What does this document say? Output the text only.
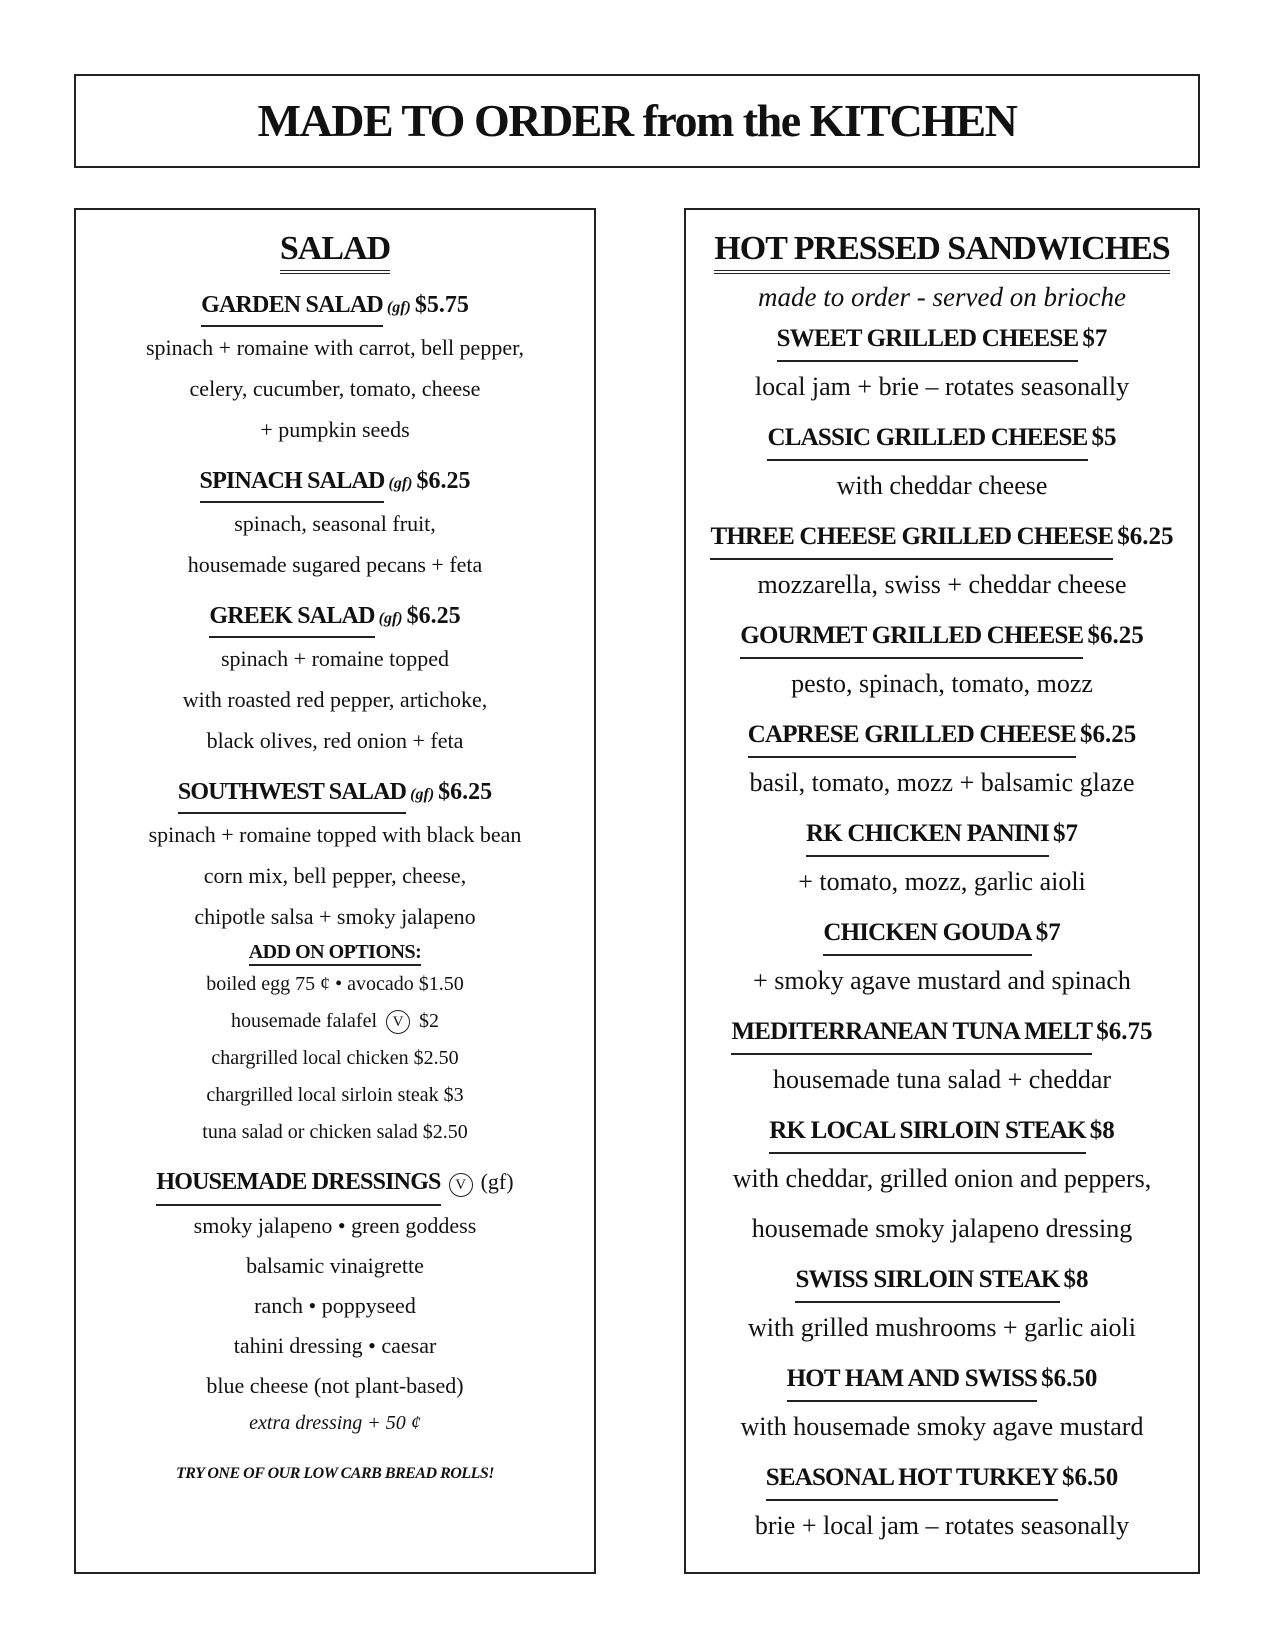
MADE TO ORDER from the KITCHEN
SALAD
GARDEN SALAD (gf) $5.75

spinach + romaine with carrot, bell pepper,

celery, cucumber, tomato, cheese

+ pumpkin seeds

SPINACH SALAD (gf) $6.25

spinach, seasonal fruit,

housemade sugared pecans + feta

GREEK SALAD (gf) $6.25

spinach + romaine topped

with roasted red pepper, artichoke,

black olives, red onion + feta

SOUTHWEST SALAD (gf) $6.25

spinach + romaine topped with black bean

corn mix, bell pepper, cheese,

chipotle salsa + smoky jalapeno

ADD ON OPTIONS:

boiled egg 75 ¢ • avocado $1.50

housemade falafel V $2

chargrilled local chicken $2.50

chargrilled local sirloin steak $3

tuna salad or chicken salad $2.50

HOUSEMADE DRESSINGS V (gf)

smoky jalapeno • green goddess

balsamic vinaigrette

ranch • poppyseed

tahini dressing • caesar

blue cheese (not plant-based)

extra dressing + 50 ¢

TRY ONE OF OUR LOW CARB BREAD ROLLS!
HOT PRESSED SANDWICHES
made to order - served on brioche
SWEET GRILLED CHEESE $7

local jam + brie – rotates seasonally

CLASSIC GRILLED CHEESE $5

with cheddar cheese

THREE CHEESE GRILLED CHEESE $6.25

mozzarella, swiss + cheddar cheese

GOURMET GRILLED CHEESE $6.25

pesto, spinach, tomato, mozz

CAPRESE GRILLED CHEESE $6.25

basil, tomato, mozz + balsamic glaze

RK CHICKEN PANINI $7

+ tomato, mozz, garlic aioli

CHICKEN GOUDA $7

+ smoky agave mustard and spinach

MEDITERRANEAN TUNA MELT $6.75

housemade tuna salad + cheddar

RK LOCAL SIRLOIN STEAK $8

with cheddar, grilled onion and peppers,

housemade smoky jalapeno dressing

SWISS SIRLOIN STEAK $8

with grilled mushrooms + garlic aioli

HOT HAM AND SWISS $6.50

with housemade smoky agave mustard

SEASONAL HOT TURKEY $6.50

brie + local jam – rotates seasonally
